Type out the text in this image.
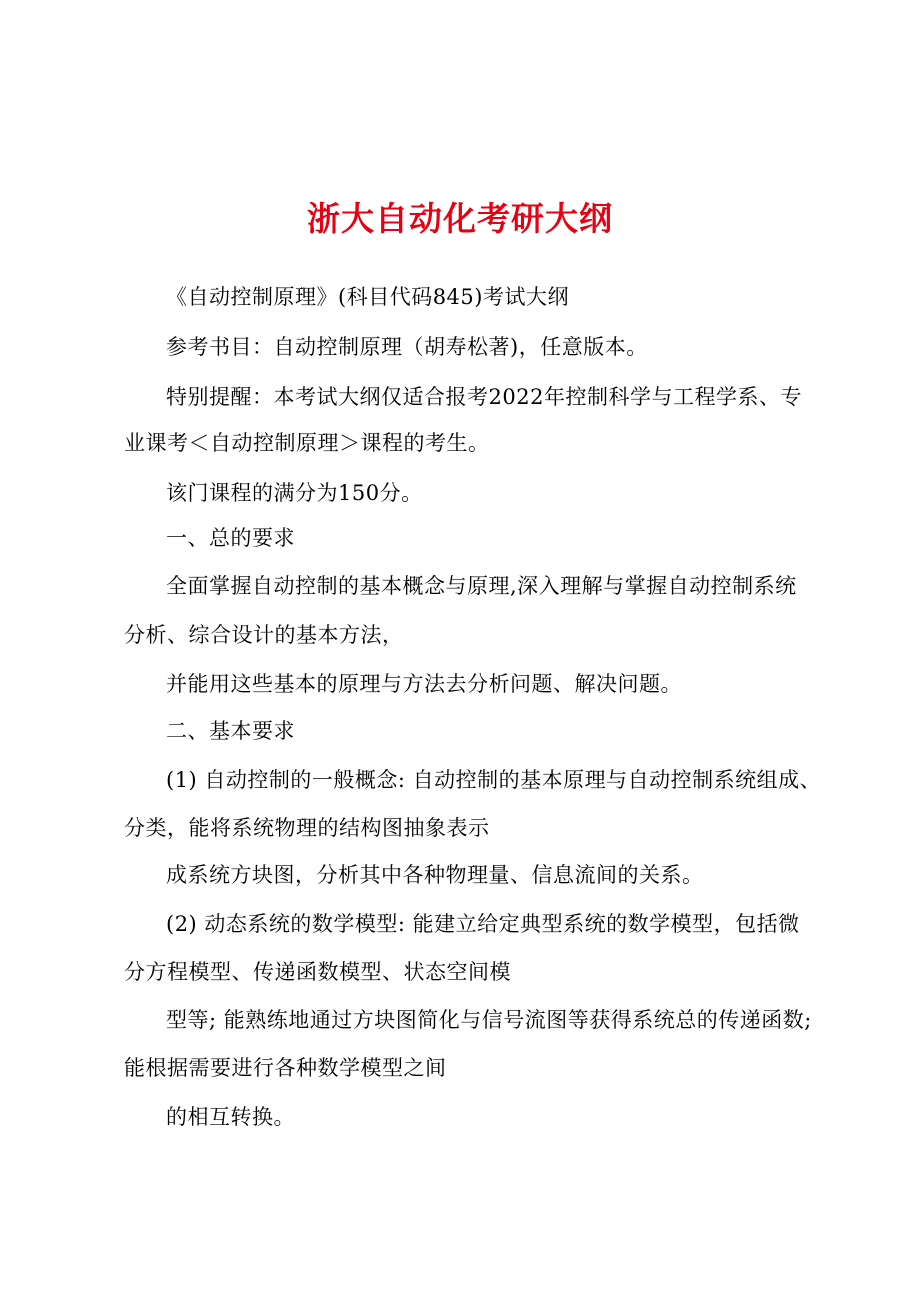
浙大自动化考研大纲
《自动控制原理》(科目代码845)考试大纲
参考书目：自动控制原理（胡寿松著)，任意版本。
特别提醒：本考试大纲仅适合报考2022年控制科学与工程学系、专
业课考＜自动控制原理＞课程的考生。
该门课程的满分为150分。
一、总的要求
全面掌握自动控制的基本概念与原理,深入理解与掌握自动控制系统
分析、综合设计的基本方法，
并能用这些基本的原理与方法去分析问题、解决问题。
二、基本要求
(1) 自动控制的一般概念: 自动控制的基本原理与自动控制系统组成、
分类，能将系统物理的结构图抽象表示
成系统方块图，分析其中各种物理量、信息流间的关系。
(2) 动态系统的数学模型: 能建立给定典型系统的数学模型，包括微
分方程模型、传递函数模型、状态空间模
型等; 能熟练地通过方块图简化与信号流图等获得系统总的传递函数;
能根据需要进行各种数学模型之间
的相互转换。
